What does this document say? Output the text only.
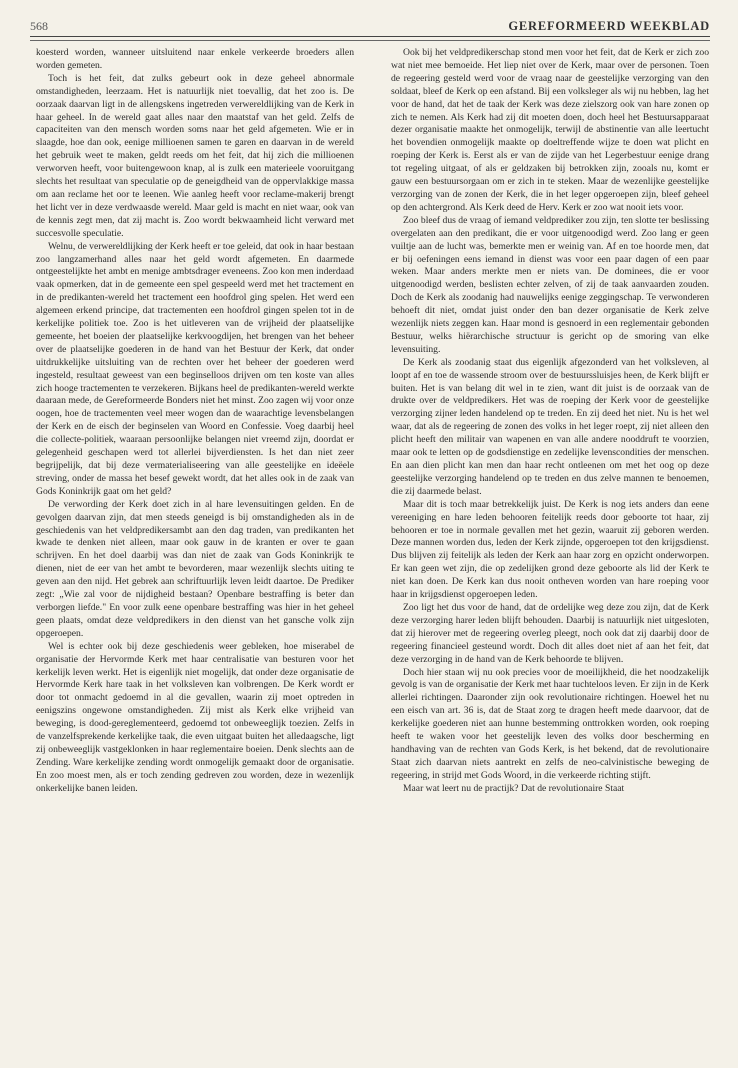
568	GEREFORMEERD WEEKBLAD

koesterd worden, wanneer uitsluitend naar enkele verkeerde broeders allen worden gemeten.

Toch is het feit, dat zulks gebeurt ook in deze geheel abnormale omstandigheden, leerzaam. Het is natuurlijk niet toevallig, dat het zoo is. De oorzaak daarvan ligt in de allengskens ingetreden verwereldlijking van de Kerk in haar geheel. In de wereld gaat alles naar den maatstaf van het geld. Zelfs de capaciteiten van den mensch worden soms naar het geld afgemeten. Wie er in slaagde, hoe dan ook, eenige millioenen samen te garen en daarvan in de wereld het gebruik weet te maken, geldt reeds om het feit, dat hij zich die millioenen verworven heeft, voor buitengewoon knap, al is zulk een materieele vooruitgang slechts het resultaat van speculatie op de geneigdheid van de oppervlakkige massa om aan reclame het oor te leenen. Wie aanleg heeft voor reclame-makerij brengt het licht ver in deze verdwaasde wereld. Maar geld is macht en niet waar, ook van de kennis zegt men, dat zij macht is. Zoo wordt bekwaamheid licht verward met succesvolle speculatie.

Welnu, de verwereldlijking der Kerk heeft er toe geleid, dat ook in haar bestaan zoo langzamerhand alles naar het geld wordt afgemeten. En daarmede ontgeestelijkte het ambt en menige ambtsdrager eveneens. Zoo kon men inderdaad vaak opmerken, dat in de gemeente een spel gespeeld werd met het tractement en in de predikanten-wereld het tractement een hoofdrol ging spelen. Het werd een algemeen erkend principe, dat tractementen een hoofdrol gingen spelen tot in de kerkelijke politiek toe. Zoo is het uitleveren van de vrijheid der plaatselijke gemeente, het boeien der plaatselijke kerkvoogdijen, het brengen van het beheer over de plaatselijke goederen in de hand van het Bestuur der Kerk, dat onder uitdrukkelijke uitsluiting van de rechten over het beheer der goederen werd ingesteld, resultaat geweest van een beginselloos drijven om ten koste van alles zich hooge tractementen te verzekeren. Bijkans heel de predikanten-wereld werkte daaraan mede, de Gereformeerde Bonders niet het minst. Zoo zagen wij voor onze oogen, hoe de tractementen veel meer wogen dan de waarachtige levensbelangen der Kerk en de eisch der beginselen van Woord en Confessie. Voeg daarbij heel die collecte-politiek, waaraan persoonlijke belangen niet vreemd zijn, doordat er gelegenheid geschapen werd tot allerlei bijverdiensten. Is het dan niet zeer begrijpelijk, dat bij deze vermaterialiseering van alle geestelijke en ideëele streving, onder de massa het besef gewekt wordt, dat het alles ook in de zaak van Gods Koninkrijk gaat om het geld?

De verwording der Kerk doet zich in al hare levensuitingen gelden. En de gevolgen daarvan zijn, dat men steeds geneigd is bij omstandigheden als in de geschiedenis van het veldpredikersambt aan den dag traden, van predikanten het kwade te denken niet alleen, maar ook gauw in de kranten er over te gaan schrijven. En het doel daarbij was dan niet de zaak van Gods Koninkrijk te dienen, niet de eer van het ambt te bevorderen, maar wezenlijk slechts uiting te geven aan den nijd. Het gebrek aan schriftuurlijk leven leidt daartoe. De Prediker zegt: „Wie zal voor de nijdigheid bestaan? Openbare bestraffing is beter dan verborgen liefde." En voor zulk eene openbare bestraffing was hier in het geheel geen plaats, omdat deze veldpredikers in den dienst van het gansche volk zijn opgeroepen.

Wel is echter ook bij deze geschiedenis weer gebleken, hoe miserabel de organisatie der Hervormde Kerk met haar centralisatie van besturen voor het kerkelijk leven werkt. Het is eigenlijk niet mogelijk, dat onder deze organisatie de Hervormde Kerk hare taak in het volksleven kan volbrengen. De Kerk wordt er door tot onmacht gedoemd in al die gevallen, waarin zij moet optreden in eenigszins ongewone omstandigheden. Zij mist als Kerk elke vrijheid van beweging, is dood-gereglementeerd, gedoemd tot onbeweeglijk toezien. Zelfs in de vanzelfsprekende kerkelijke taak, die even uitgaat buiten het alledaagsche, ligt zij onbeweeglijk vastgeklonken in haar reglementaire boeien. Denk slechts aan de Zending. Ware kerkelijke zending wordt onmogelijk gemaakt door de organisatie. En zoo moest men, als er toch zending gedreven zou worden, deze in wezenlijk onkerkelijke banen leiden.

Ook bij het veldpredikerschap stond men voor het feit, dat de Kerk er zich zoo wat niet mee bemoeide. Het liep niet over de Kerk, maar over de personen. Toen de regeering gesteld werd voor de vraag naar de geestelijke verzorging van den soldaat, bleef de Kerk op een afstand. Bij een volksleger als wij nu hebben, lag het voor de hand, dat het de taak der Kerk was deze zielszorg ook van hare zonen op zich te nemen. Als Kerk had zij dit moeten doen, doch heel het Bestuursapparaat dezer organisatie maakte het onmogelijk, terwijl de abstinentie van alle leertucht het bovendien onmogelijk maakte op doeltreffende wijze te doen wat plicht en roeping der Kerk is. Eerst als er van de zijde van het Legerbestuur eenige drang tot regeling uitgaat, of als er geldzaken bij betrokken zijn, zooals nu, komt er gauw een bestuursorgaan om er zich in te steken. Maar de wezenlijke geestelijke verzorging van de zonen der Kerk, die in het leger opgeroepen zijn, bleef geheel op den achtergrond. Als Kerk deed de Herv. Kerk er zoo wat nooit iets voor.

Zoo bleef dus de vraag of iemand veldprediker zou zijn, ten slotte ter beslissing overgelaten aan den predikant, die er voor uitgenoodigd werd. Zoo lang er geen vuiltje aan de lucht was, bemerkte men er weinig van. Af en toe hoorde men, dat er bij oefeningen eens iemand in dienst was voor een paar dagen of een paar weken. Maar anders merkte men er niets van. De dominees, die er voor uitgenoodigd werden, beslisten echter zelven, of zij de taak aanvaarden zouden. Doch de Kerk als zoodanig had nauwelijks eenige zeggingschap. Te verwonderen behoeft dit niet, omdat juist onder den ban dezer organisatie de Kerk zelve wezenlijk niets zeggen kan. Haar mond is gesnoerd in een reglementair gebonden Bestuur, welks hiërarchische structuur is gericht op de smoring van elke levensuiting.

De Kerk als zoodanig staat dus eigenlijk afgezonderd van het volksleven, al loopt af en toe de wassende stroom over de bestuurssluisjes heen, de Kerk blijft er buiten. Het is van belang dit wel in te zien, want dit juist is de oorzaak van de drukte over de veldpredikers. Het was de roeping der Kerk voor de geestelijke verzorging zijner leden handelend op te treden. En zij deed het niet. Nu is het wel waar, dat als de regeering de zonen des volks in het leger roept, zij niet alleen den plicht heeft den militair van wapenen en van alle andere nooddruft te voorzien, maar ook te letten op de godsdienstige en zedelijke levenscondities der menschen. En aan dien plicht kan men dan haar recht ontleenen om met het oog op deze geestelijke verzorging handelend op te treden en dus zelve mannen te benoemen, die zij daarmede belast.

Maar dit is toch maar betrekkelijk juist. De Kerk is nog iets anders dan eene vereeniging en hare leden behooren feitelijk reeds door geboorte tot haar, zij behooren er toe in normale gevallen met het gezin, waaruit zij geboren werden. Deze mannen worden dus, leden der Kerk zijnde, opgeroepen tot den krijgsdienst. Dus blijven zij feitelijk als leden der Kerk aan haar zorg en opzicht onderworpen. Er kan geen wet zijn, die op zedelijken grond deze geboorte als lid der Kerk te niet kan doen. De Kerk kan dus nooit ontheven worden van hare roeping voor haar in krijgsdienst opgeroepen leden.

Zoo ligt het dus voor de hand, dat de ordelijke weg deze zou zijn, dat de Kerk deze verzorging harer leden blijft behouden. Daarbij is natuurlijk niet uitgesloten, dat zij hierover met de regeering overleg pleegt, noch ook dat zij daarbij door de regeering financieel gesteund wordt. Doch dit alles doet niet af aan het feit, dat deze verzorging in de hand van de Kerk behoorde te blijven.

Doch hier staan wij nu ook precies voor de moeilijkheid, die het noodzakelijk gevolg is van de organisatie der Kerk met haar tuchteloos leven. Er zijn in de Kerk allerlei richtingen. Daaronder zijn ook revolutionaire richtingen. Hoewel het nu een eisch van art. 36 is, dat de Staat zorg te dragen heeft mede daarvoor, dat de kerkelijke goederen niet aan hunne bestemming onttrokken worden, ook roeping heeft te waken voor het geestelijk leven des volks door bescherming en handhaving van de rechten van Gods Kerk, is het bekend, dat de revolutionaire Staat zich daarvan niets aantrekt en zelfs de neo-calvinistische beweging de regeering, in strijd met Gods Woord, in die verkeerde richting stijft.

Maar wat leert nu de practijk? Dat de revolutionaire Staat
